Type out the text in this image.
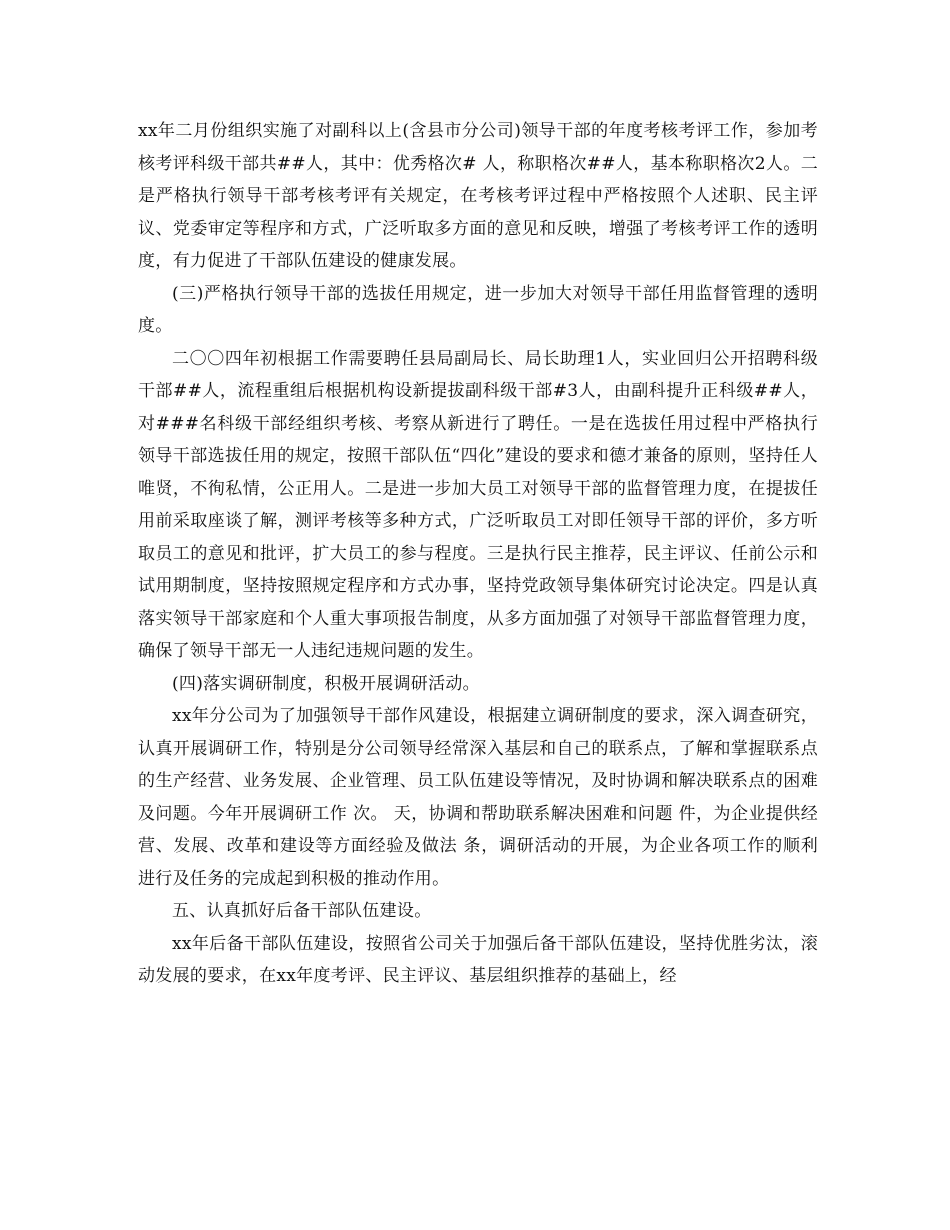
xx年二月份组织实施了对副科以上(含县市分公司)领导干部的年度考核考评工作，参加考核考评科级干部共##人，其中：优秀格次# 人，称职格次##人，基本称职格次2人。二是严格执行领导干部考核考评有关规定，在考核考评过程中严格按照个人述职、民主评议、党委审定等程序和方式，广泛听取多方面的意见和反映，增强了考核考评工作的透明度，有力促进了干部队伍建设的健康发展。

(三)严格执行领导干部的选拔任用规定，进一步加大对领导干部任用监督管理的透明度。

二〇〇四年初根据工作需要聘任县局副局长、局长助理1人，实业回归公开招聘科级干部##人，流程重组后根据机构设新提拔副科级干部#3人，由副科提升正科级##人，对###名科级干部经组织考核、考察从新进行了聘任。一是在选拔任用过程中严格执行领导干部选拔任用的规定，按照干部队伍“四化”建设的要求和德才兼备的原则，坚持任人唯贤，不徇私情，公正用人。二是进一步加大员工对领导干部的监督管理力度，在提拔任用前采取座谈了解，测评考核等多种方式，广泛听取员工对即任领导干部的评价，多方听取员工的意见和批评，扩大员工的参与程度。三是执行民主推荐，民主评议、任前公示和试用期制度，坚持按照规定程序和方式办事，坚持党政领导集体研究讨论决定。四是认真落实领导干部家庭和个人重大事项报告制度，从多方面加强了对领导干部监督管理力度，确保了领导干部无一人违纪违规问题的发生。

(四)落实调研制度，积极开展调研活动。

xx年分公司为了加强领导干部作风建设，根据建立调研制度的要求，深入调查研究，认真开展调研工作，特别是分公司领导经常深入基层和自己的联系点，了解和掌握联系点的生产经营、业务发展、企业管理、员工队伍建设等情况，及时协调和解决联系点的困难及问题。今年开展调研工作 次。 天，协调和帮助联系解决困难和问题 件，为企业提供经营、发展、改革和建设等方面经验及做法 条，调研活动的开展，为企业各项工作的顺利进行及任务的完成起到积极的推动作用。

五、认真抓好后备干部队伍建设。

xx年后备干部队伍建设，按照省公司关于加强后备干部队伍建设，坚持优胜劣汰，滚动发展的要求，在xx年度考评、民主评议、基层组织推荐的基础上，经
